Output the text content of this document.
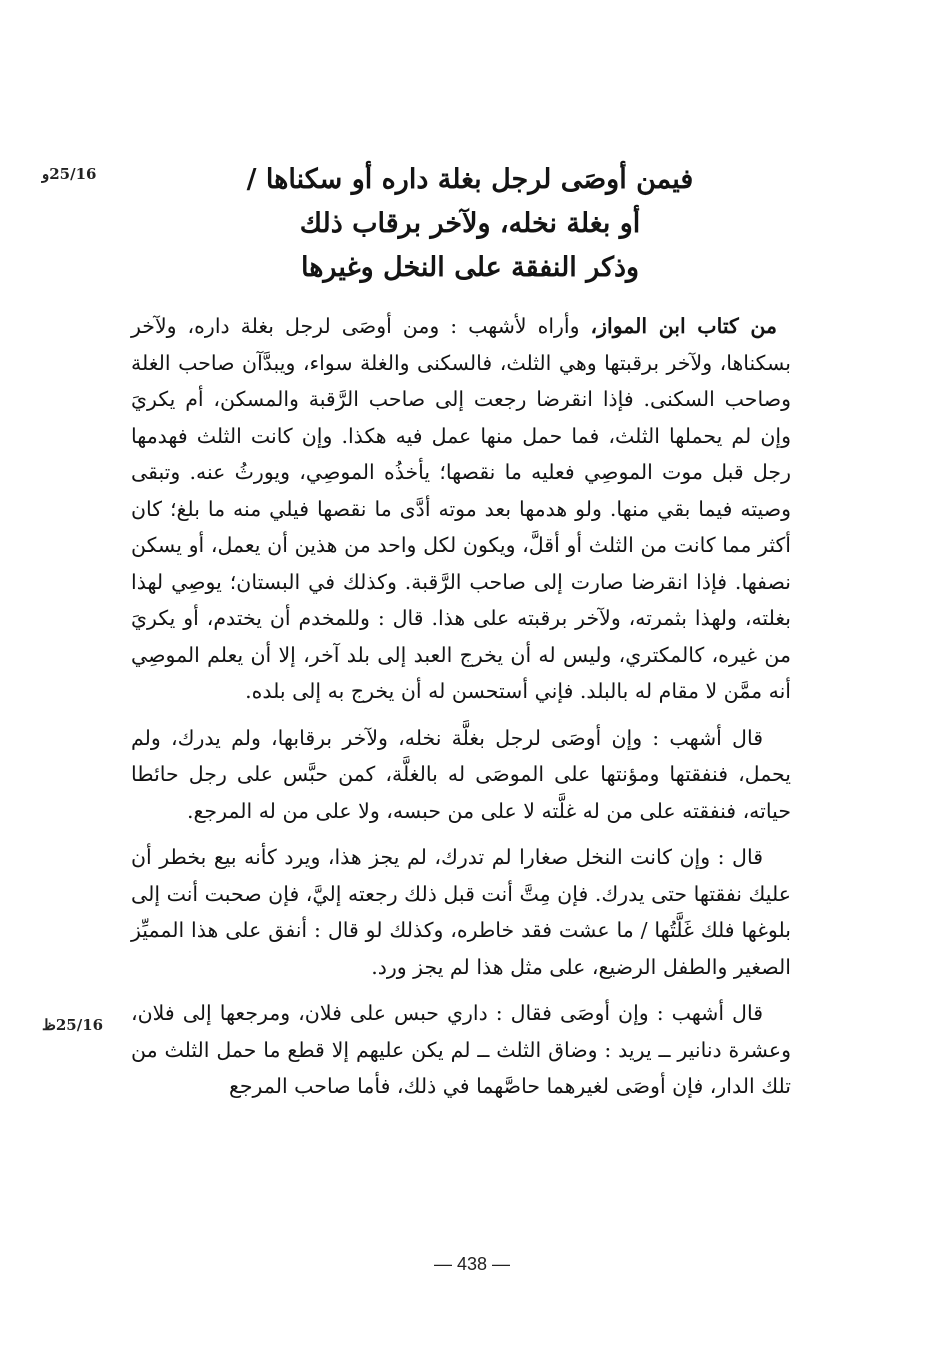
25/16و
25/16ظ
فيمن أوصَى لرجل بغلة داره أو سكناها /
أو بغلة نخله، ولآخر برقاب ذلك
وذكر النفقة على النخل وغيرها

من كتاب ابن المواز، وأراه لأشهب : ومن أوصَى لرجل بغلة داره، ولآخر بسكناها، ولآخر برقبتها وهي الثلث، فالسكنى والغلة سواء، ويبدَّآن صاحب الغلة وصاحب السكنى. فإذا انقرضا رجعت إلى صاحب الرَّقبة والمسكن، أم يكريَ وإن لم يحملها الثلث، فما حمل منها عمل فيه هكذا. وإن كانت الثلث فهدمها رجل قبل موت الموصِي فعليه ما نقصها؛ يأخذُه الموصِي، ويورثُ عنه. وتبقى وصيته فيما بقي منها. ولو هدمها بعد موته أدَّى ما نقصها فيلي منه ما بلغ؛ كان أكثر مما كانت من الثلث أو أقلَّ، ويكون لكل واحد من هذين أن يعمل، أو يسكن نصفها. فإذا انقرضا صارت إلى صاحب الرَّقبة. وكذلك في البستان؛ يوصِي لهذا بغلته، ولهذا بثمرته، ولآخر برقبته على هذا. قال : وللمخدم أن يختدم، أو يكريَ من غيره، كالمكتري، وليس له أن يخرج العبد إلى بلد آخر، إلا أن يعلم الموصِي أنه ممَّن لا مقام له بالبلد. فإني أستحسن له أن يخرج به إلى بلده.

قال أشهب : وإن أوصَى لرجل بغلَّة نخله، ولآخر برقابها، ولم يدرك، ولم يحمل، فنفقتها ومؤنتها على الموصَى له بالغلَّة، كمن حبَّس على رجل حائطا حياته، فنفقته على من له غلَّته لا على من حبسه، ولا على من له المرجع.

قال : وإن كانت النخل صغارا لم تدرك، لم يجز هذا، ويرد كأنه بيع بخطر أن عليك نفقتها حتى يدرك. فإن مِتَّ أنت قبل ذلك رجعته إليَّ، فإن صحبت أنت إلى بلوغها فلك غَلَّتُها / ما عشت فقد خاطره، وكذلك لو قال : أنفق على هذا المميِّز الصغير والطفل الرضيع، على مثل هذا لم يجز ورد.

قال أشهب : وإن أوصَى فقال : داري حبس على فلان، ومرجعها إلى فلان، وعشرة دنانير ــ يريد : وضاق الثلث ــ لم يكن عليهم إلا قطع ما حمل الثلث من تلك الدار، فإن أوصَى لغيرهما حاصَّهما في ذلك، فأما صاحب المرجع

— 438 —
